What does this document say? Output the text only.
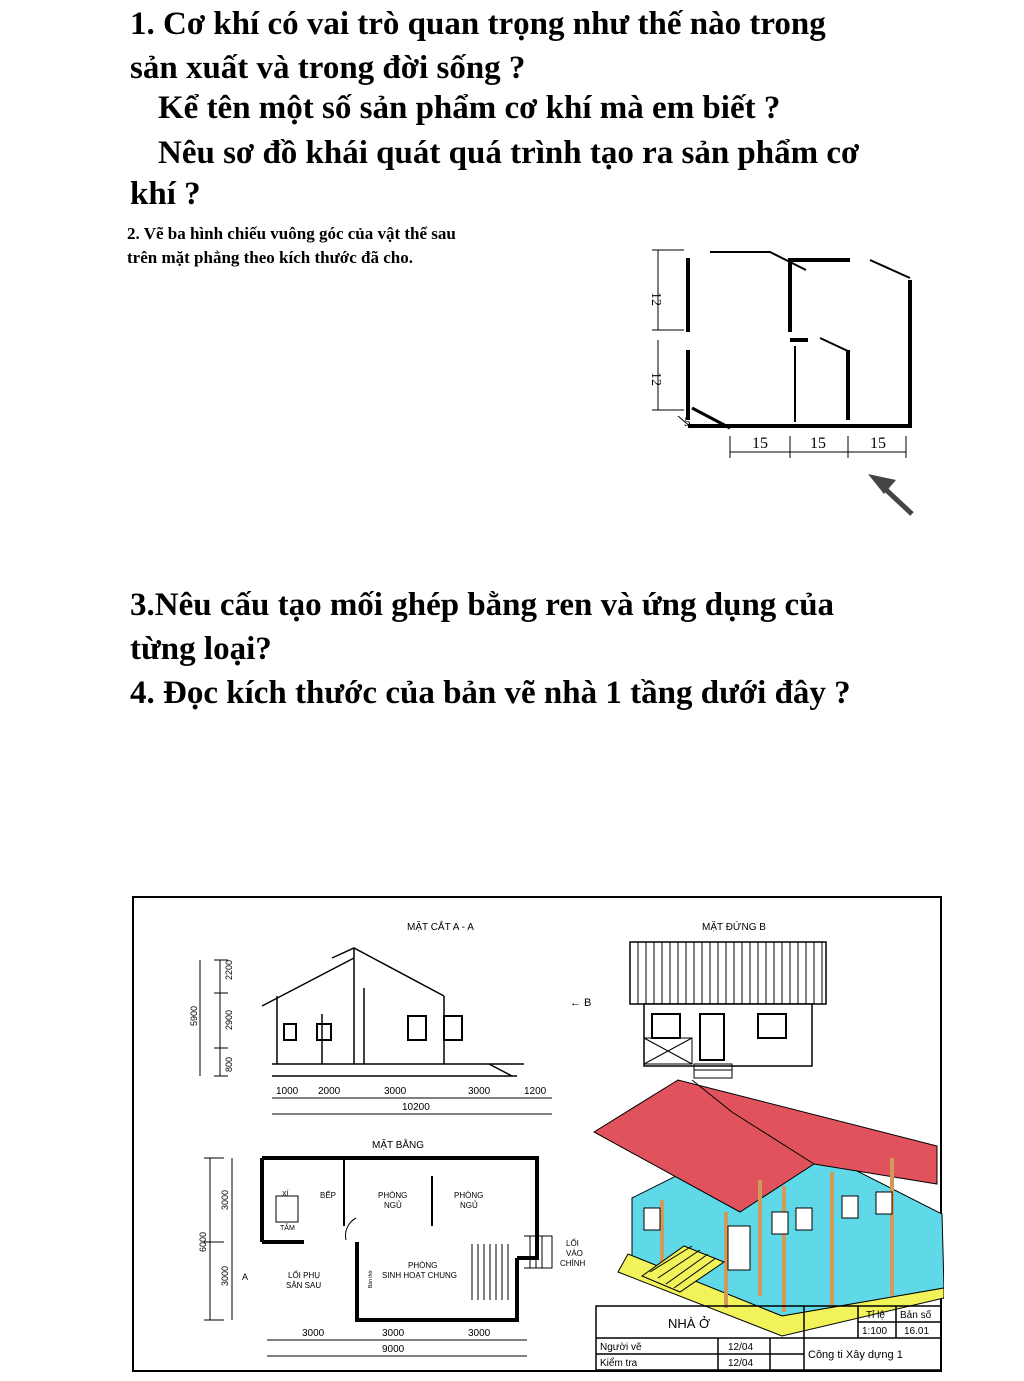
1. Cơ khí có vai trò quan trọng như thế nào trong

sản xuất và trong đời sống ?

Kể tên một số sản phẩm cơ khí mà em biết ?

Nêu sơ đồ khái quát quá trình tạo ra sản phẩm cơ

khí ?

2. Vẽ ba hình chiếu vuông góc của vật thể sau

trên mặt phẳng theo kích thước đã cho.

12
12
5
15	15	15

3.Nêu cấu tạo mối ghép bằng ren và ứng dụng của

từng loại?

4. Đọc kích thước của bản vẽ nhà 1 tầng dưới đây ?

MẶT CẮT A - A
← B
5900
2200
2900
800
1000 2000	3000	3000	1200
10200
MẶT ĐỨNG B
MẶT BẰNG
6000
3000
3000 A
3000	3000	3000
9000
BẾP
XÍ
TẮM
PHÒNG
NGỦ
PHÒNG
NGỦ
PHÒNG
SINH HOẠT CHUNG
Bàn thờ
LỐI PHỤ
SÂN SAU
LỐI
VÀO
CHÍNH
NHÀ Ở
Tỉ lệ
1:100
Bản số
16.01
Người vẽ	12/04
Kiểm tra	12/04
Công ti Xây dựng 1
